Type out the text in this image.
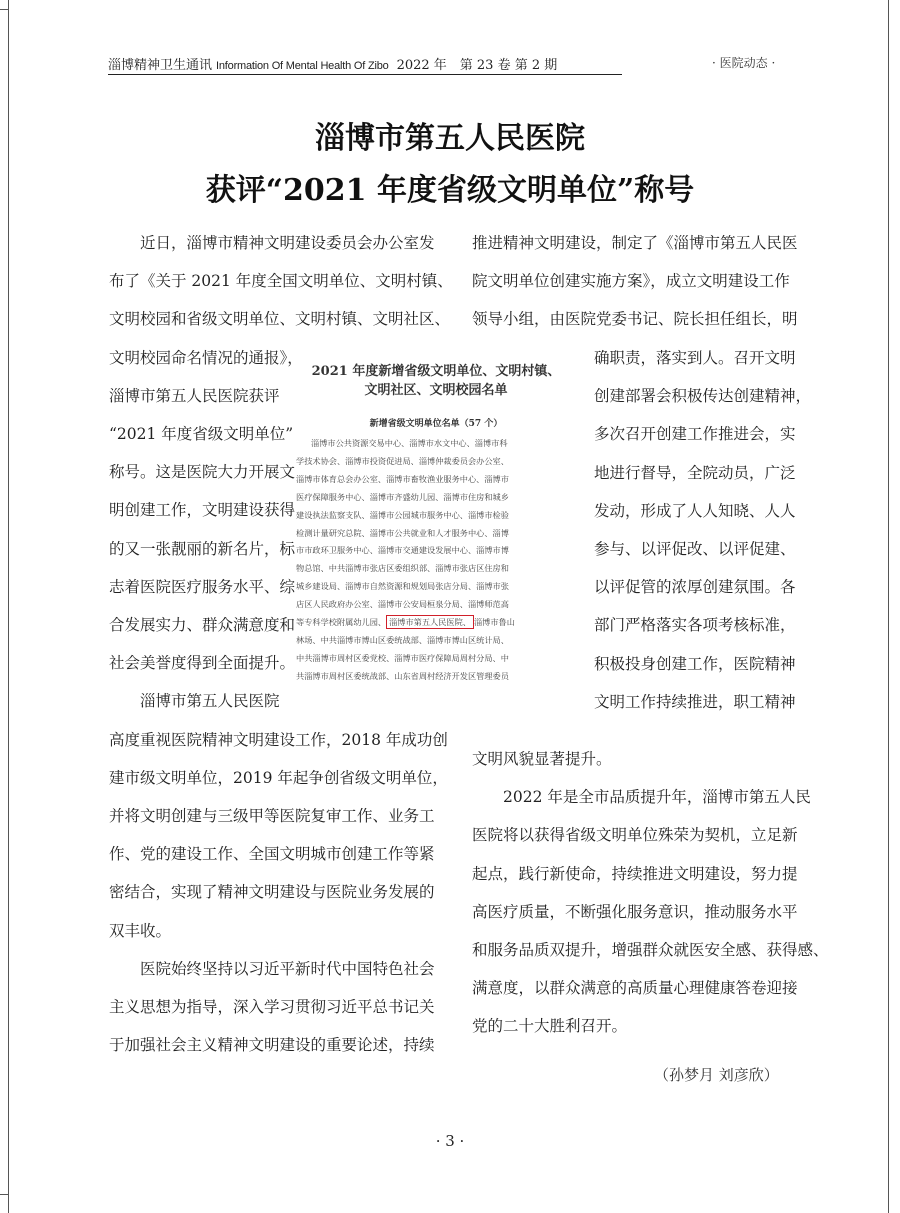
淄博精神卫生通讯 Information Of Mental Health Of Zibo 2022 年　第 23 卷 第 2 期	· 医院动态 ·
淄博市第五人民医院
获评“2021 年度省级文明单位”称号
　　近日，淄博市精神文明建设委员会办公室发
布了《关于 2021 年度全国文明单位、文明村镇、
文明校园和省级文明单位、文明村镇、文明社区、
文明校园命名情况的通报》，
淄博市第五人民医院获评
“2021 年度省级文明单位”
称号。这是医院大力开展文
明创建工作，文明建设获得
的又一张靓丽的新名片，标
志着医院医疗服务水平、综
合发展实力、群众满意度和
社会美誉度得到全面提升。
　　淄博市第五人民医院
高度重视医院精神文明建设工作，2018 年成功创
建市级文明单位，2019 年起争创省级文明单位，
并将文明创建与三级甲等医院复审工作、业务工
作、党的建设工作、全国文明城市创建工作等紧
密结合，实现了精神文明建设与医院业务发展的
双丰收。
　　医院始终坚持以习近平新时代中国特色社会
主义思想为指导，深入学习贯彻习近平总书记关
于加强社会主义精神文明建设的重要论述，持续
推进精神文明建设，制定了《淄博市第五人民医
院文明单位创建实施方案》，成立文明建设工作
领导小组，由医院党委书记、院长担任组长，明
确职责，落实到人。召开文明
创建部署会积极传达创建精神，
多次召开创建工作推进会，实
地进行督导，全院动员，广泛
发动，形成了人人知晓、人人
参与、以评促改、以评促建、
以评促管的浓厚创建氛围。各
部门严格落实各项考核标准，
积极投身创建工作，医院精神
文明工作持续推进，职工精神
文明风貌显著提升。
　　2022 年是全市品质提升年，淄博市第五人民
医院将以获得省级文明单位殊荣为契机，立足新
起点，践行新使命，持续推进文明建设，努力提
高医疗质量，不断强化服务意识，推动服务水平
和服务品质双提升，增强群众就医安全感、获得感、
满意度，以群众满意的高质量心理健康答卷迎接
党的二十大胜利召开。
2021 年度新增省级文明单位、文明村镇、
文明社区、文明校园名单
新增省级文明单位名单（57 个）
淄博市公共资源交易中心、淄博市水文中心、淄博市科
学技术协会、淄博市投资促进局、淄博仲裁委员会办公室、
淄博市体育总会办公室、淄博市畜牧渔业服务中心、淄博市
医疗保障服务中心、淄博市齐盛幼儿园、淄博市住房和城乡
建设执法监察支队、淄博市公园城市服务中心、淄博市检验
检测计量研究总院、淄博市公共就业和人才服务中心、淄博
市市政环卫服务中心、淄博市交通建设发展中心、淄博市博
物总馆、中共淄博市张店区委组织部、淄博市张店区住房和
城乡建设局、淄博市自然资源和规划局张店分局、淄博市张
店区人民政府办公室、淄博市公安局桓泉分局、淄博师范高
等专科学校附属幼儿园、 淄博市第五人民医院、 淄博市鲁山
林场、中共淄博市博山区委统战部、淄博市博山区统计局、
中共淄博市周村区委党校、淄博市医疗保障局周村分局、中
共淄博市周村区委统战部、山东省周村经济开发区管理委员
（孙梦月 刘彦欣）
· 3 ·
